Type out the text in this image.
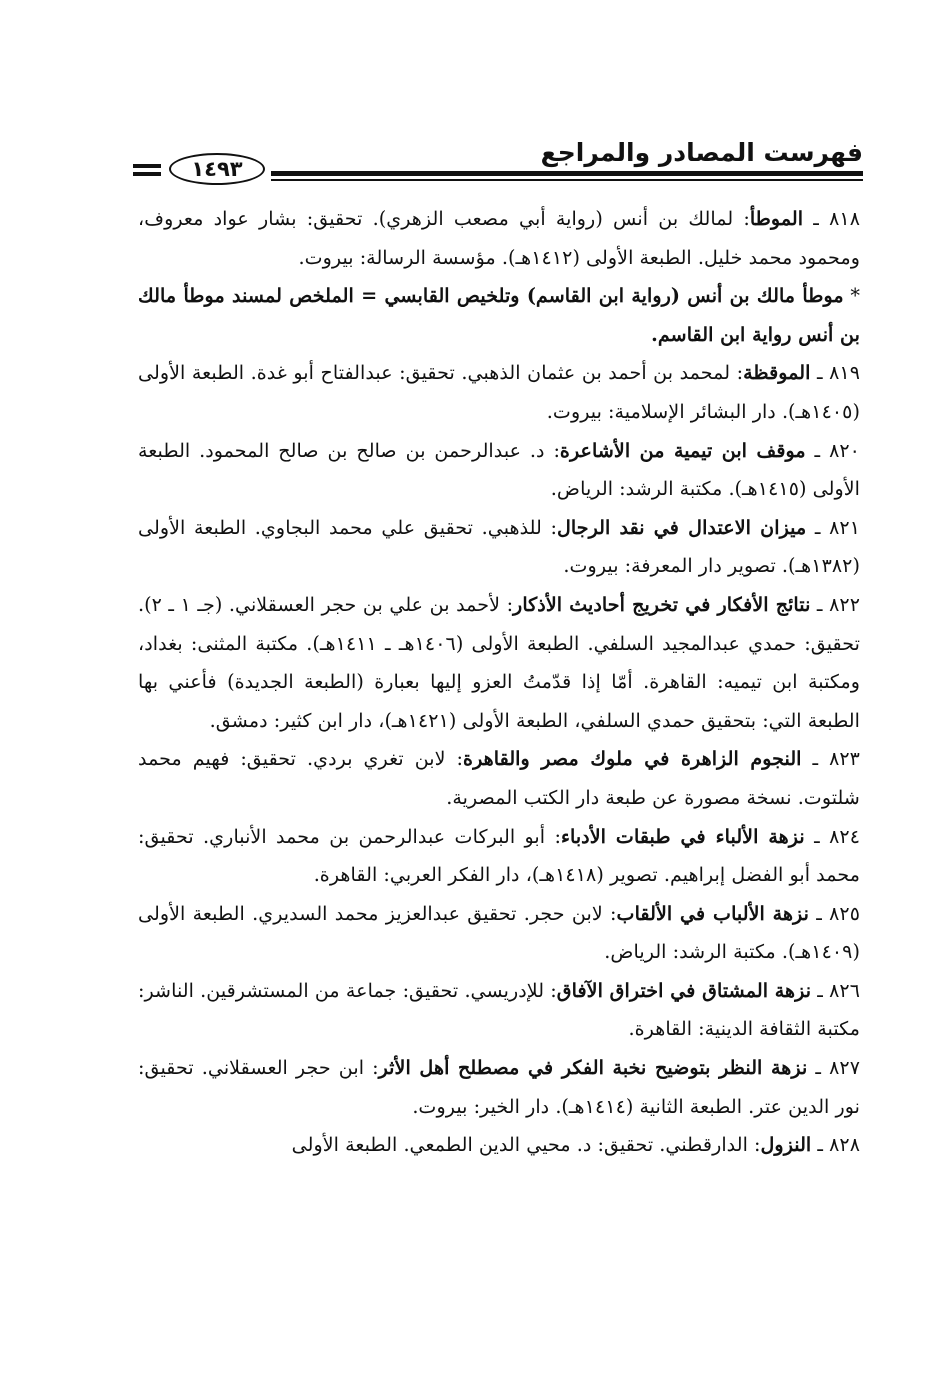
فهرست المصادر والمراجع
١٤٩٣

٨١٨ ـ الموطأ: لمالك بن أنس (رواية أبي مصعب الزهري). تحقيق: بشار عواد معروف، ومحمود محمد خليل. الطبعة الأولى (١٤١٢هـ). مؤسسة الرسالة: بيروت.

* موطأ مالك بن أنس (رواية ابن القاسم) وتلخيص القابسي = الملخص لمسند موطأ مالك بن أنس رواية ابن القاسم.

٨١٩ ـ الموقظة: لمحمد بن أحمد بن عثمان الذهبي. تحقيق: عبدالفتاح أبو غدة. الطبعة الأولى (١٤٠٥هـ). دار البشائر الإسلامية: بيروت.

٨٢٠ ـ موقف ابن تيمية من الأشاعرة: د. عبدالرحمن بن صالح بن صالح المحمود. الطبعة الأولى (١٤١٥هـ). مكتبة الرشد: الرياض.

٨٢١ ـ ميزان الاعتدال في نقد الرجال: للذهبي. تحقيق علي محمد البجاوي. الطبعة الأولى (١٣٨٢هـ). تصوير دار المعرفة: بيروت.

٨٢٢ ـ نتائج الأفكار في تخريج أحاديث الأذكار: لأحمد بن علي بن حجر العسقلاني. (جـ ١ ـ ٢). تحقيق: حمدي عبدالمجيد السلفي. الطبعة الأولى (١٤٠٦هـ ـ ١٤١١هـ). مكتبة المثنى: بغداد، ومكتبة ابن تيميه: القاهرة. أمّا إذا قدّمتُ العزو إليها بعبارة (الطبعة الجديدة) فأعني بها الطبعة التي: بتحقيق حمدي السلفي، الطبعة الأولى (١٤٢١هـ)، دار ابن كثير: دمشق.

٨٢٣ ـ النجوم الزاهرة في ملوك مصر والقاهرة: لابن تغري بردي. تحقيق: فهيم محمد شلتوت. نسخة مصورة عن طبعة دار الكتب المصرية.

٨٢٤ ـ نزهة الألباء في طبقات الأدباء: أبو البركات عبدالرحمن بن محمد الأنباري. تحقيق: محمد أبو الفضل إبراهيم. تصوير (١٤١٨هـ)، دار الفكر العربي: القاهرة.

٨٢٥ ـ نزهة الألباب في الألقاب: لابن حجر. تحقيق عبدالعزيز محمد السديري. الطبعة الأولى (١٤٠٩هـ). مكتبة الرشد: الرياض.

٨٢٦ ـ نزهة المشتاق في اختراق الآفاق: للإدريسي. تحقيق: جماعة من المستشرقين. الناشر: مكتبة الثقافة الدينية: القاهرة.

٨٢٧ ـ نزهة النظر بتوضيح نخبة الفكر في مصطلح أهل الأثر: ابن حجر العسقلاني. تحقيق: نور الدين عتر. الطبعة الثانية (١٤١٤هـ). دار الخير: بيروت.

٨٢٨ ـ النزول: الدارقطني. تحقيق: د. محيي الدين الطمعي. الطبعة الأولى
